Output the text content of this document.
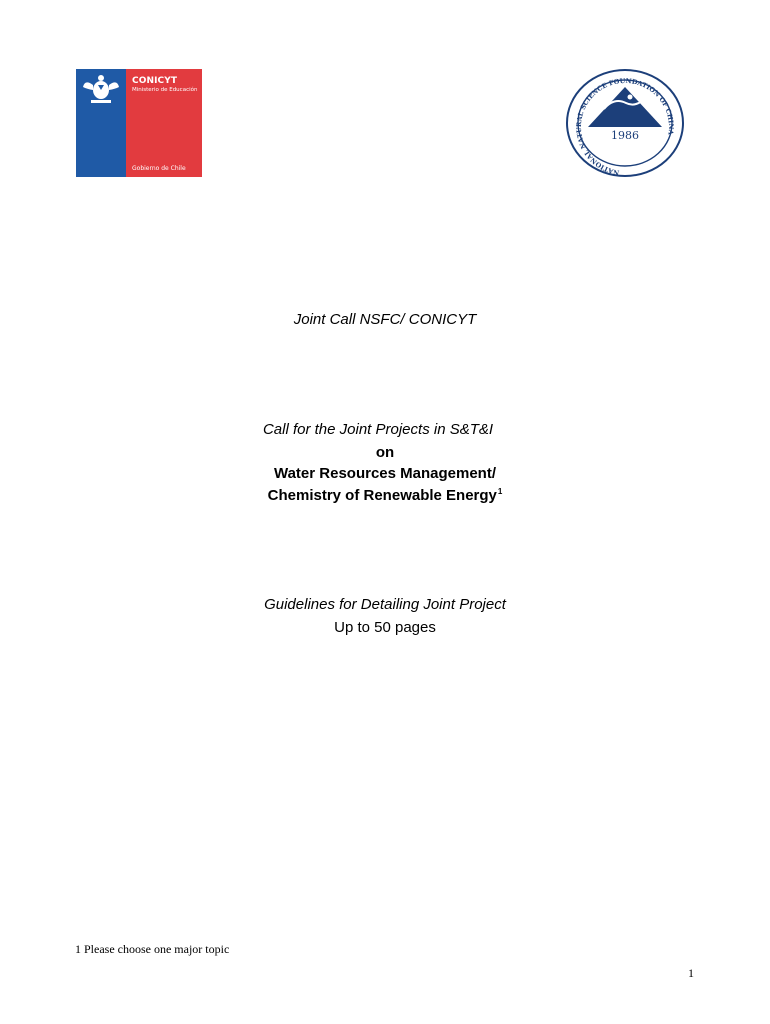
CONICYT
Ministerio de Educación
Gobierno de Chile	NATIONAL NATURAL SCIENCE FOUNDATION OF CHINA
1986
Joint Call NSFC/ CONICYT
Call for the Joint Projects in S&T&I
on
Water Resources Management/
Chemistry of Renewable Energy$^1$
Guidelines for Detailing Joint Project
Up to 50 pages
1 Please choose one major topic
1
